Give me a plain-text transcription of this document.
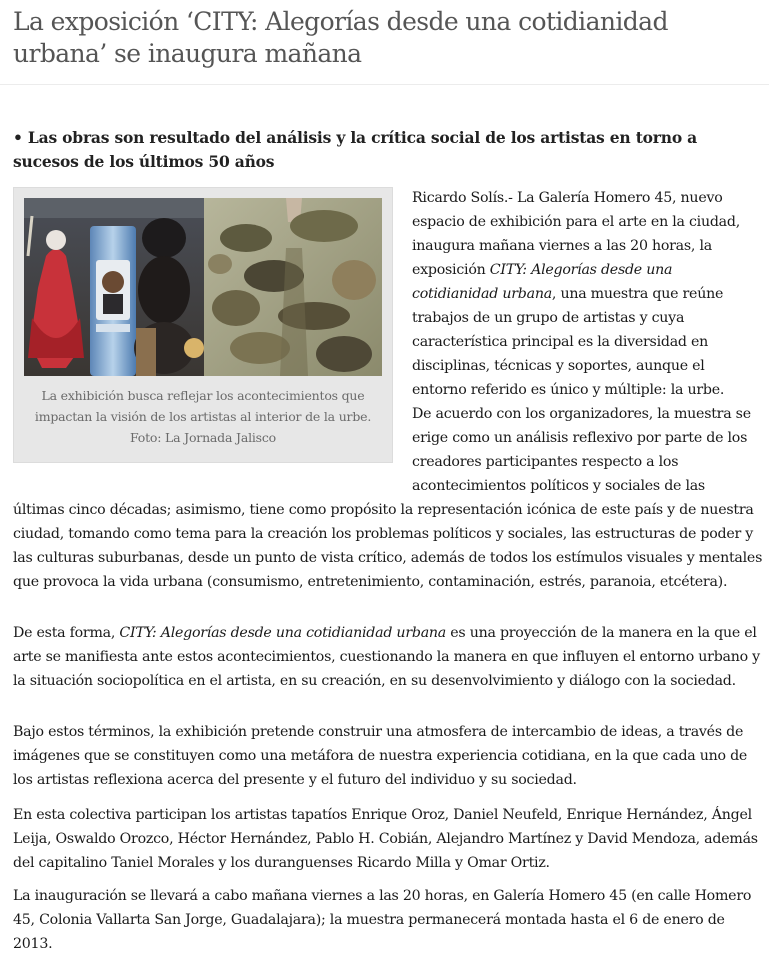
La exposición ‘CITY: Alegorías desde una cotidianidad urbana’ se inaugura mañana

• Las obras son resultado del análisis y la crítica social de los artistas en torno a sucesos de los últimos 50 años

La exhibición busca reflejar los acontecimientos que impactan la visión de los artistas al interior de la urbe. Foto: La Jornada Jalisco

Ricardo Solís.- La Galería Homero 45, nuevo espacio de exhibición para el arte en la ciudad, inaugura mañana viernes a las 20 horas, la exposición CITY: Alegorías desde una cotidianidad urbana, una muestra que reúne trabajos de un grupo de artistas y cuya característica principal es la diversidad en disciplinas, técnicas y soportes, aunque el entorno referido es único y múltiple: la urbe.

De acuerdo con los organizadores, la muestra se erige como un análisis reflexivo por parte de los creadores participantes respecto a los acontecimientos políticos y sociales de las

últimas cinco décadas; asimismo, tiene como propósito la representación icónica de este país y de nuestra ciudad, tomando como tema para la creación los problemas políticos y sociales, las estructuras de poder y las culturas suburbanas, desde un punto de vista crítico, además de todos los estímulos visuales y mentales que provoca la vida urbana (consumismo, entretenimiento, contaminación, estrés, paranoia, etcétera).

De esta forma, CITY: Alegorías desde una cotidianidad urbana es una proyección de la manera en la que el arte se manifiesta ante estos acontecimientos, cuestionando la manera en que influyen el entorno urbano y la situación sociopolítica en el artista, en su creación, en su desenvolvimiento y diálogo con la sociedad.

Bajo estos términos, la exhibición pretende construir una atmosfera de intercambio de ideas, a través de imágenes que se constituyen como una metáfora de nuestra experiencia cotidiana, en la que cada uno de los artistas reflexiona acerca del presente y el futuro del individuo y su sociedad.

En esta colectiva participan los artistas tapatíos Enrique Oroz, Daniel Neufeld, Enrique Hernández, Ángel Leija, Oswaldo Orozco, Héctor Hernández, Pablo H. Cobián, Alejandro Martínez y David Mendoza, además del capitalino Taniel Morales y los duranguenses Ricardo Milla y Omar Ortiz.

La inauguración se llevará a cabo mañana viernes a las 20 horas, en Galería Homero 45 (en calle Homero 45, Colonia Vallarta San Jorge, Guadalajara); la muestra permanecerá montada hasta el 6 de enero de 2013.
